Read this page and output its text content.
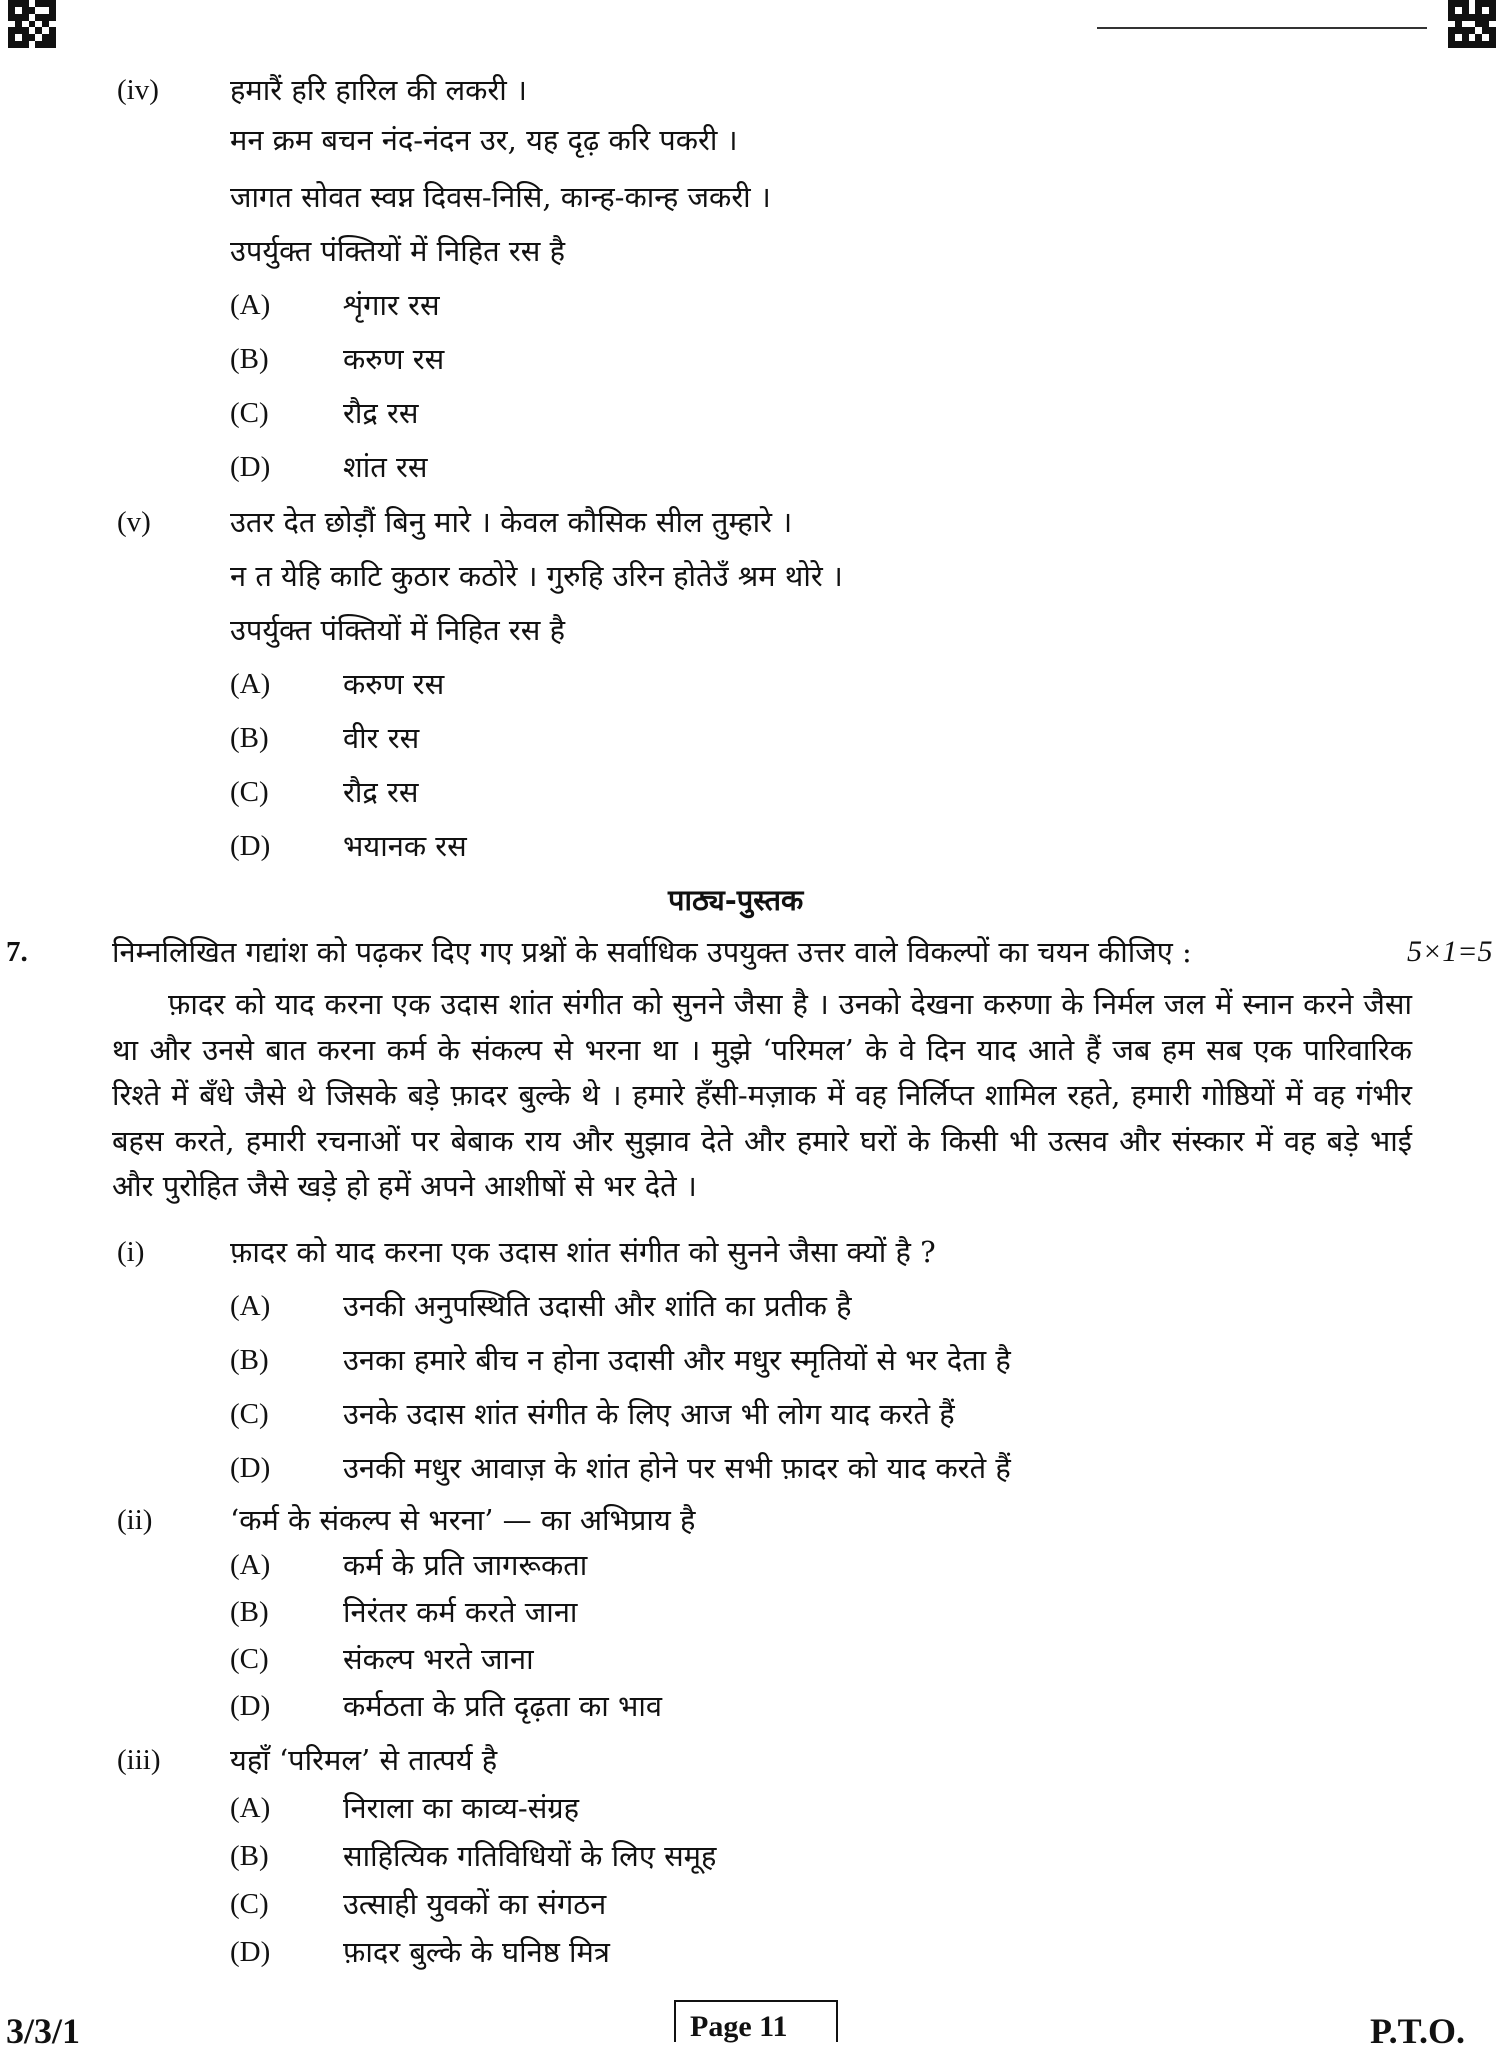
(iv) हमारैं हरि हारिल की लकरी ।
मन क्रम बचन नंद-नंदन उर, यह दृढ़ करि पकरी ।
जागत सोवत स्वप्न दिवस-निसि, कान्ह-कान्ह जकरी ।
उपर्युक्त पंक्तियों में निहित रस है
(A)	शृंगार रस
(B)	करुण रस
(C)	रौद्र रस
(D)	शांत रस
(v)	उतर देत छोड़ौं बिनु मारे । केवल कौसिक सील तुम्हारे ।
न त येहि काटि कुठार कठोरे । गुरुहि उरिन होतेउँ श्रम थोरे ।
उपर्युक्त पंक्तियों में निहित रस है
(A)	करुण रस
(B)	वीर रस
(C)	रौद्र रस
(D)	भयानक रस
पाठ्य-पुस्तक
7.	निम्नलिखित गद्यांश को पढ़कर दिए गए प्रश्नों के सर्वाधिक उपयुक्त उत्तर वाले विकल्पों का चयन कीजिए :	5×1=5
फ़ादर को याद करना एक उदास शांत संगीत को सुनने जैसा है । उनको देखना करुणा के निर्मल जल में स्नान करने जैसा था और उनसे बात करना कर्म के संकल्प से भरना था । मुझे ‘परिमल’ के वे दिन याद आते हैं जब हम सब एक पारिवारिक रिश्ते में बँधे जैसे थे जिसके बड़े फ़ादर बुल्के थे । हमारे हँसी-मज़ाक में वह निर्लिप्त शामिल रहते, हमारी गोष्ठियों में वह गंभीर बहस करते, हमारी रचनाओं पर बेबाक राय और सुझाव देते और हमारे घरों के किसी भी उत्सव और संस्कार में वह बड़े भाई और पुरोहित जैसे खड़े हो हमें अपने आशीषों से भर देते ।
(i)	फ़ादर को याद करना एक उदास शांत संगीत को सुनने जैसा क्यों है ?
(A)	उनकी अनुपस्थिति उदासी और शांति का प्रतीक है
(B)	उनका हमारे बीच न होना उदासी और मधुर स्मृतियों से भर देता है
(C)	उनके उदास शांत संगीत के लिए आज भी लोग याद करते हैं
(D)	उनकी मधुर आवाज़ के शांत होने पर सभी फ़ादर को याद करते हैं
(ii)	‘कर्म के संकल्प से भरना’ — का अभिप्राय है
(A)	कर्म के प्रति जागरूकता
(B)	निरंतर कर्म करते जाना
(C)	संकल्प भरते जाना
(D)	कर्मठता के प्रति दृढ़ता का भाव
(iii) यहाँ ‘परिमल’ से तात्पर्य है
(A)	निराला का काव्य-संग्रह
(B)	साहित्यिक गतिविधियों के लिए समूह
(C)	उत्साही युवकों का संगठन
(D)	फ़ादर बुल्के के घनिष्ठ मित्र
3/3/1	Page 11	P.T.O.
